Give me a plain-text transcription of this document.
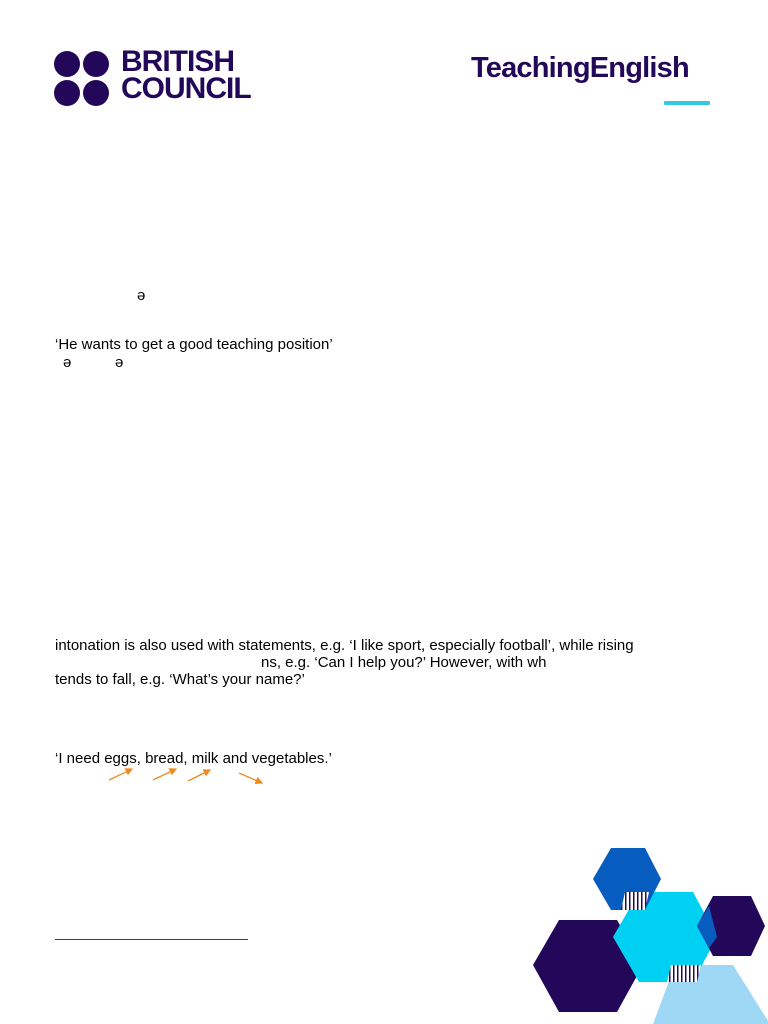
BRITISH
COUNCIL
TeachingEnglish
ə
‘He wants to get a good teaching position’
ə	ə
intonation is also used with statements, e.g. ‘I like sport, especially football’, while rising
ns, e.g. ‘Can I help you?’ However, with wh
tends to fall, e.g. ‘What’s your name?’
‘I need eggs, bread, milk and vegetables.’
